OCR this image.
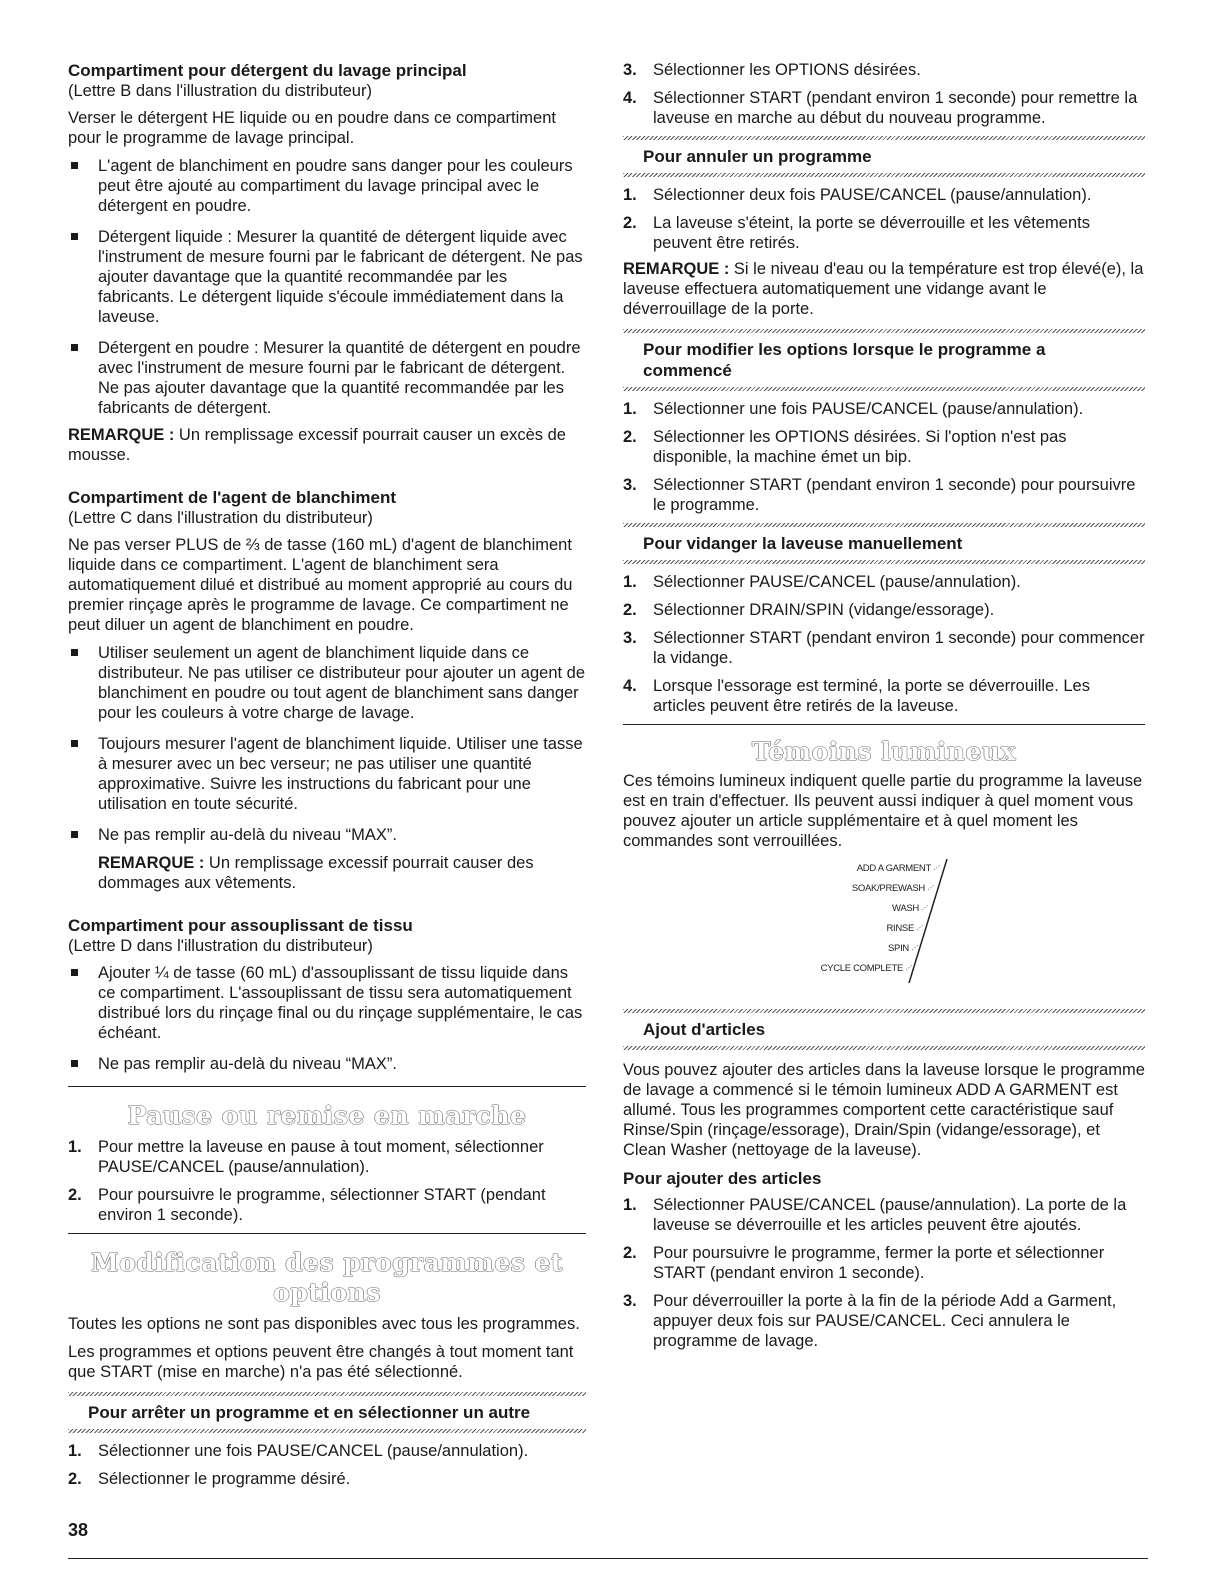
Compartiment pour détergent du lavage principal

(Lettre B dans l'illustration du distributeur)

Verser le détergent HE liquide ou en poudre dans ce compartiment pour le programme de lavage principal.

L'agent de blanchiment en poudre sans danger pour les couleurs peut être ajouté au compartiment du lavage principal avec le détergent en poudre.
Détergent liquide : Mesurer la quantité de détergent liquide avec l'instrument de mesure fourni par le fabricant de détergent. Ne pas ajouter davantage que la quantité recommandée par les fabricants. Le détergent liquide s'écoule immédiatement dans la laveuse.
Détergent en poudre : Mesurer la quantité de détergent en poudre avec l'instrument de mesure fourni par le fabricant de détergent. Ne pas ajouter davantage que la quantité recommandée par les fabricants de détergent.

REMARQUE : Un remplissage excessif pourrait causer un excès de mousse.

Compartiment de l'agent de blanchiment

(Lettre C dans l'illustration du distributeur)

Ne pas verser PLUS de ⅔ de tasse (160 mL) d'agent de blanchiment liquide dans ce compartiment. L'agent de blanchiment sera automatiquement dilué et distribué au moment approprié au cours du premier rinçage après le programme de lavage. Ce compartiment ne peut diluer un agent de blanchiment en poudre.

Utiliser seulement un agent de blanchiment liquide dans ce distributeur. Ne pas utiliser ce distributeur pour ajouter un agent de blanchiment en poudre ou tout agent de blanchiment sans danger pour les couleurs à votre charge de lavage.
Toujours mesurer l'agent de blanchiment liquide. Utiliser une tasse à mesurer avec un bec verseur; ne pas utiliser une quantité approximative. Suivre les instructions du fabricant pour une utilisation en toute sécurité.
Ne pas remplir au-delà du niveau “MAX”.

REMARQUE : Un remplissage excessif pourrait causer des dommages aux vêtements.

Compartiment pour assouplissant de tissu

(Lettre D dans l'illustration du distributeur)

Ajouter ¼ de tasse (60 mL) d'assouplissant de tissu liquide dans ce compartiment. L'assouplissant de tissu sera automatiquement distribué lors du rinçage final ou du rinçage supplémentaire, le cas échéant.
Ne pas remplir au-delà du niveau “MAX”.
Pause ou remise en marche
1. Pour mettre la laveuse en pause à tout moment, sélectionner PAUSE/CANCEL (pause/annulation).
2. Pour poursuivre le programme, sélectionner START (pendant environ 1 seconde).
Modification des programmes et options

Toutes les options ne sont pas disponibles avec tous les programmes.

Les programmes et options peuvent être changés à tout moment tant que START (mise en marche) n'a pas été sélectionné.

Pour arrêter un programme et en sélectionner un autre
1. Sélectionner une fois PAUSE/CANCEL (pause/annulation).
2. Sélectionner le programme désiré.
3. Sélectionner les OPTIONS désirées.
4. Sélectionner START (pendant environ 1 seconde) pour remettre la laveuse en marche au début du nouveau programme.
Pour annuler un programme
1. Sélectionner deux fois PAUSE/CANCEL (pause/annulation).
2. La laveuse s'éteint, la porte se déverrouille et les vêtements peuvent être retirés.

REMARQUE : Si le niveau d'eau ou la température est trop élevé(e), la laveuse effectuera automatiquement une vidange avant le déverrouillage de la porte.

Pour modifier les options lorsque le programme a commencé
1. Sélectionner une fois PAUSE/CANCEL (pause/annulation).
2. Sélectionner les OPTIONS désirées. Si l'option n'est pas disponible, la machine émet un bip.
3. Sélectionner START (pendant environ 1 seconde) pour poursuivre le programme.
Pour vidanger la laveuse manuellement
1. Sélectionner PAUSE/CANCEL (pause/annulation).
2. Sélectionner DRAIN/SPIN (vidange/essorage).
3. Sélectionner START (pendant environ 1 seconde) pour commencer la vidange.
4. Lorsque l'essorage est terminé, la porte se déverrouille. Les articles peuvent être retirés de la laveuse.
Témoins lumineux

Ces témoins lumineux indiquent quelle partie du programme la laveuse est en train d'effectuer. Ils peuvent aussi indiquer à quel moment vous pouvez ajouter un article supplémentaire et à quel moment les commandes sont verrouillées.

ADD A GARMENT
SOAK/PREWASH
WASH
RINSE
SPIN
CYCLE COMPLETE
Ajout d'articles

Vous pouvez ajouter des articles dans la laveuse lorsque le programme de lavage a commencé si le témoin lumineux ADD A GARMENT est allumé. Tous les programmes comportent cette caractéristique sauf Rinse/Spin (rinçage/essorage), Drain/Spin (vidange/essorage), et Clean Washer (nettoyage de la laveuse).

Pour ajouter des articles
1. Sélectionner PAUSE/CANCEL (pause/annulation). La porte de la laveuse se déverrouille et les articles peuvent être ajoutés.
2. Pour poursuivre le programme, fermer la porte et sélectionner START (pendant environ 1 seconde).
3. Pour déverrouiller la porte à la fin de la période Add a Garment, appuyer deux fois sur PAUSE/CANCEL. Ceci annulera le programme de lavage.
38
